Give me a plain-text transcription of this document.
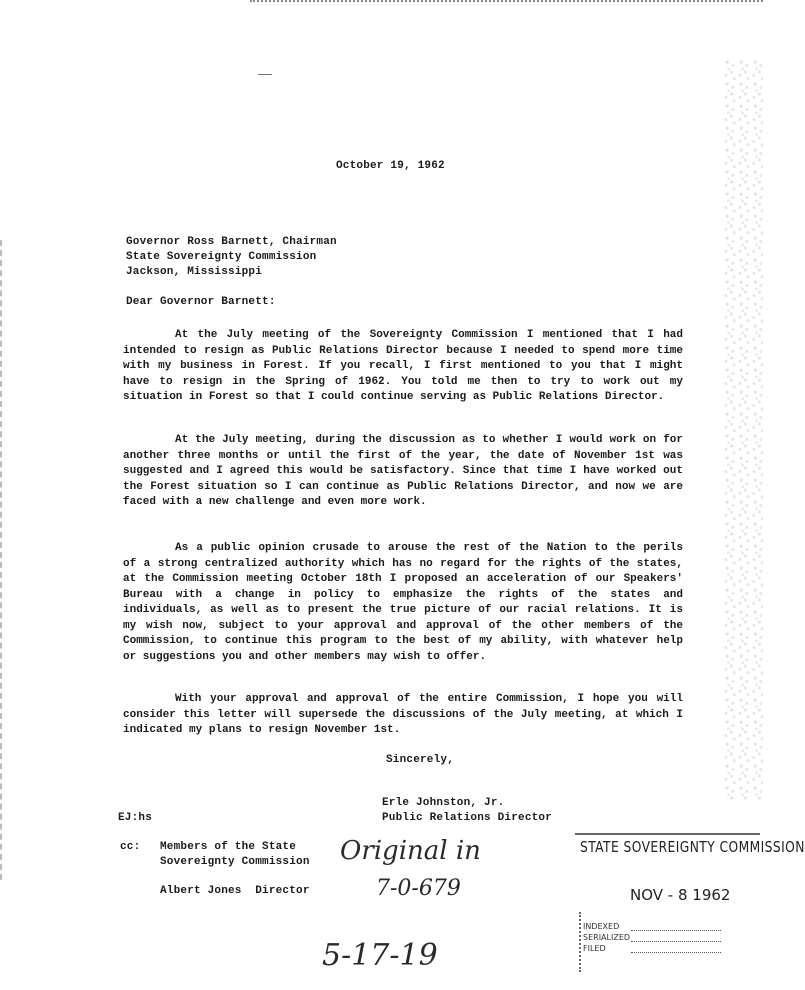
October 19, 1962
Governor Ross Barnett, Chairman
State Sovereignty Commission
Jackson, Mississippi
Dear Governor Barnett:

At the July meeting of the Sovereignty Commission I mentioned that I had intended to resign as Public Relations Director because I needed to spend more time with my business in Forest. If you recall, I first mentioned to you that I might have to resign in the Spring of 1962. You told me then to try to work out my situation in Forest so that I could continue serving as Public Relations Director.

At the July meeting, during the discussion as to whether I would work on for another three months or until the first of the year, the date of November 1st was suggested and I agreed this would be satisfactory. Since that time I have worked out the Forest situation so I can continue as Public Relations Director, and now we are faced with a new challenge and even more work.

As a public opinion crusade to arouse the rest of the Nation to the perils of a strong centralized authority which has no regard for the rights of the states, at the Commission meeting October 18th I proposed an acceleration of our Speakers' Bureau with a change in policy to emphasize the rights of the states and individuals, as well as to present the true picture of our racial relations. It is my wish now, subject to your approval and approval of the other members of the Commission, to continue this program to the best of my ability, with whatever help or suggestions you and other members may wish to offer.

With your approval and approval of the entire Commission, I hope you will consider this letter will supersede the discussions of the July meeting, at which I indicated my plans to resign November 1st.

Sincerely,
Erle Johnston, Jr.
Public Relations Director
EJ:hs
cc: Members of the State
Sovereignty Commission
Albert Jones  Director
Original in
7-0-679
5-17-19
STATE SOVEREIGNTY COMMISSION
NOV - 8 1962
INDEXED
SERIALIZED
FILED
